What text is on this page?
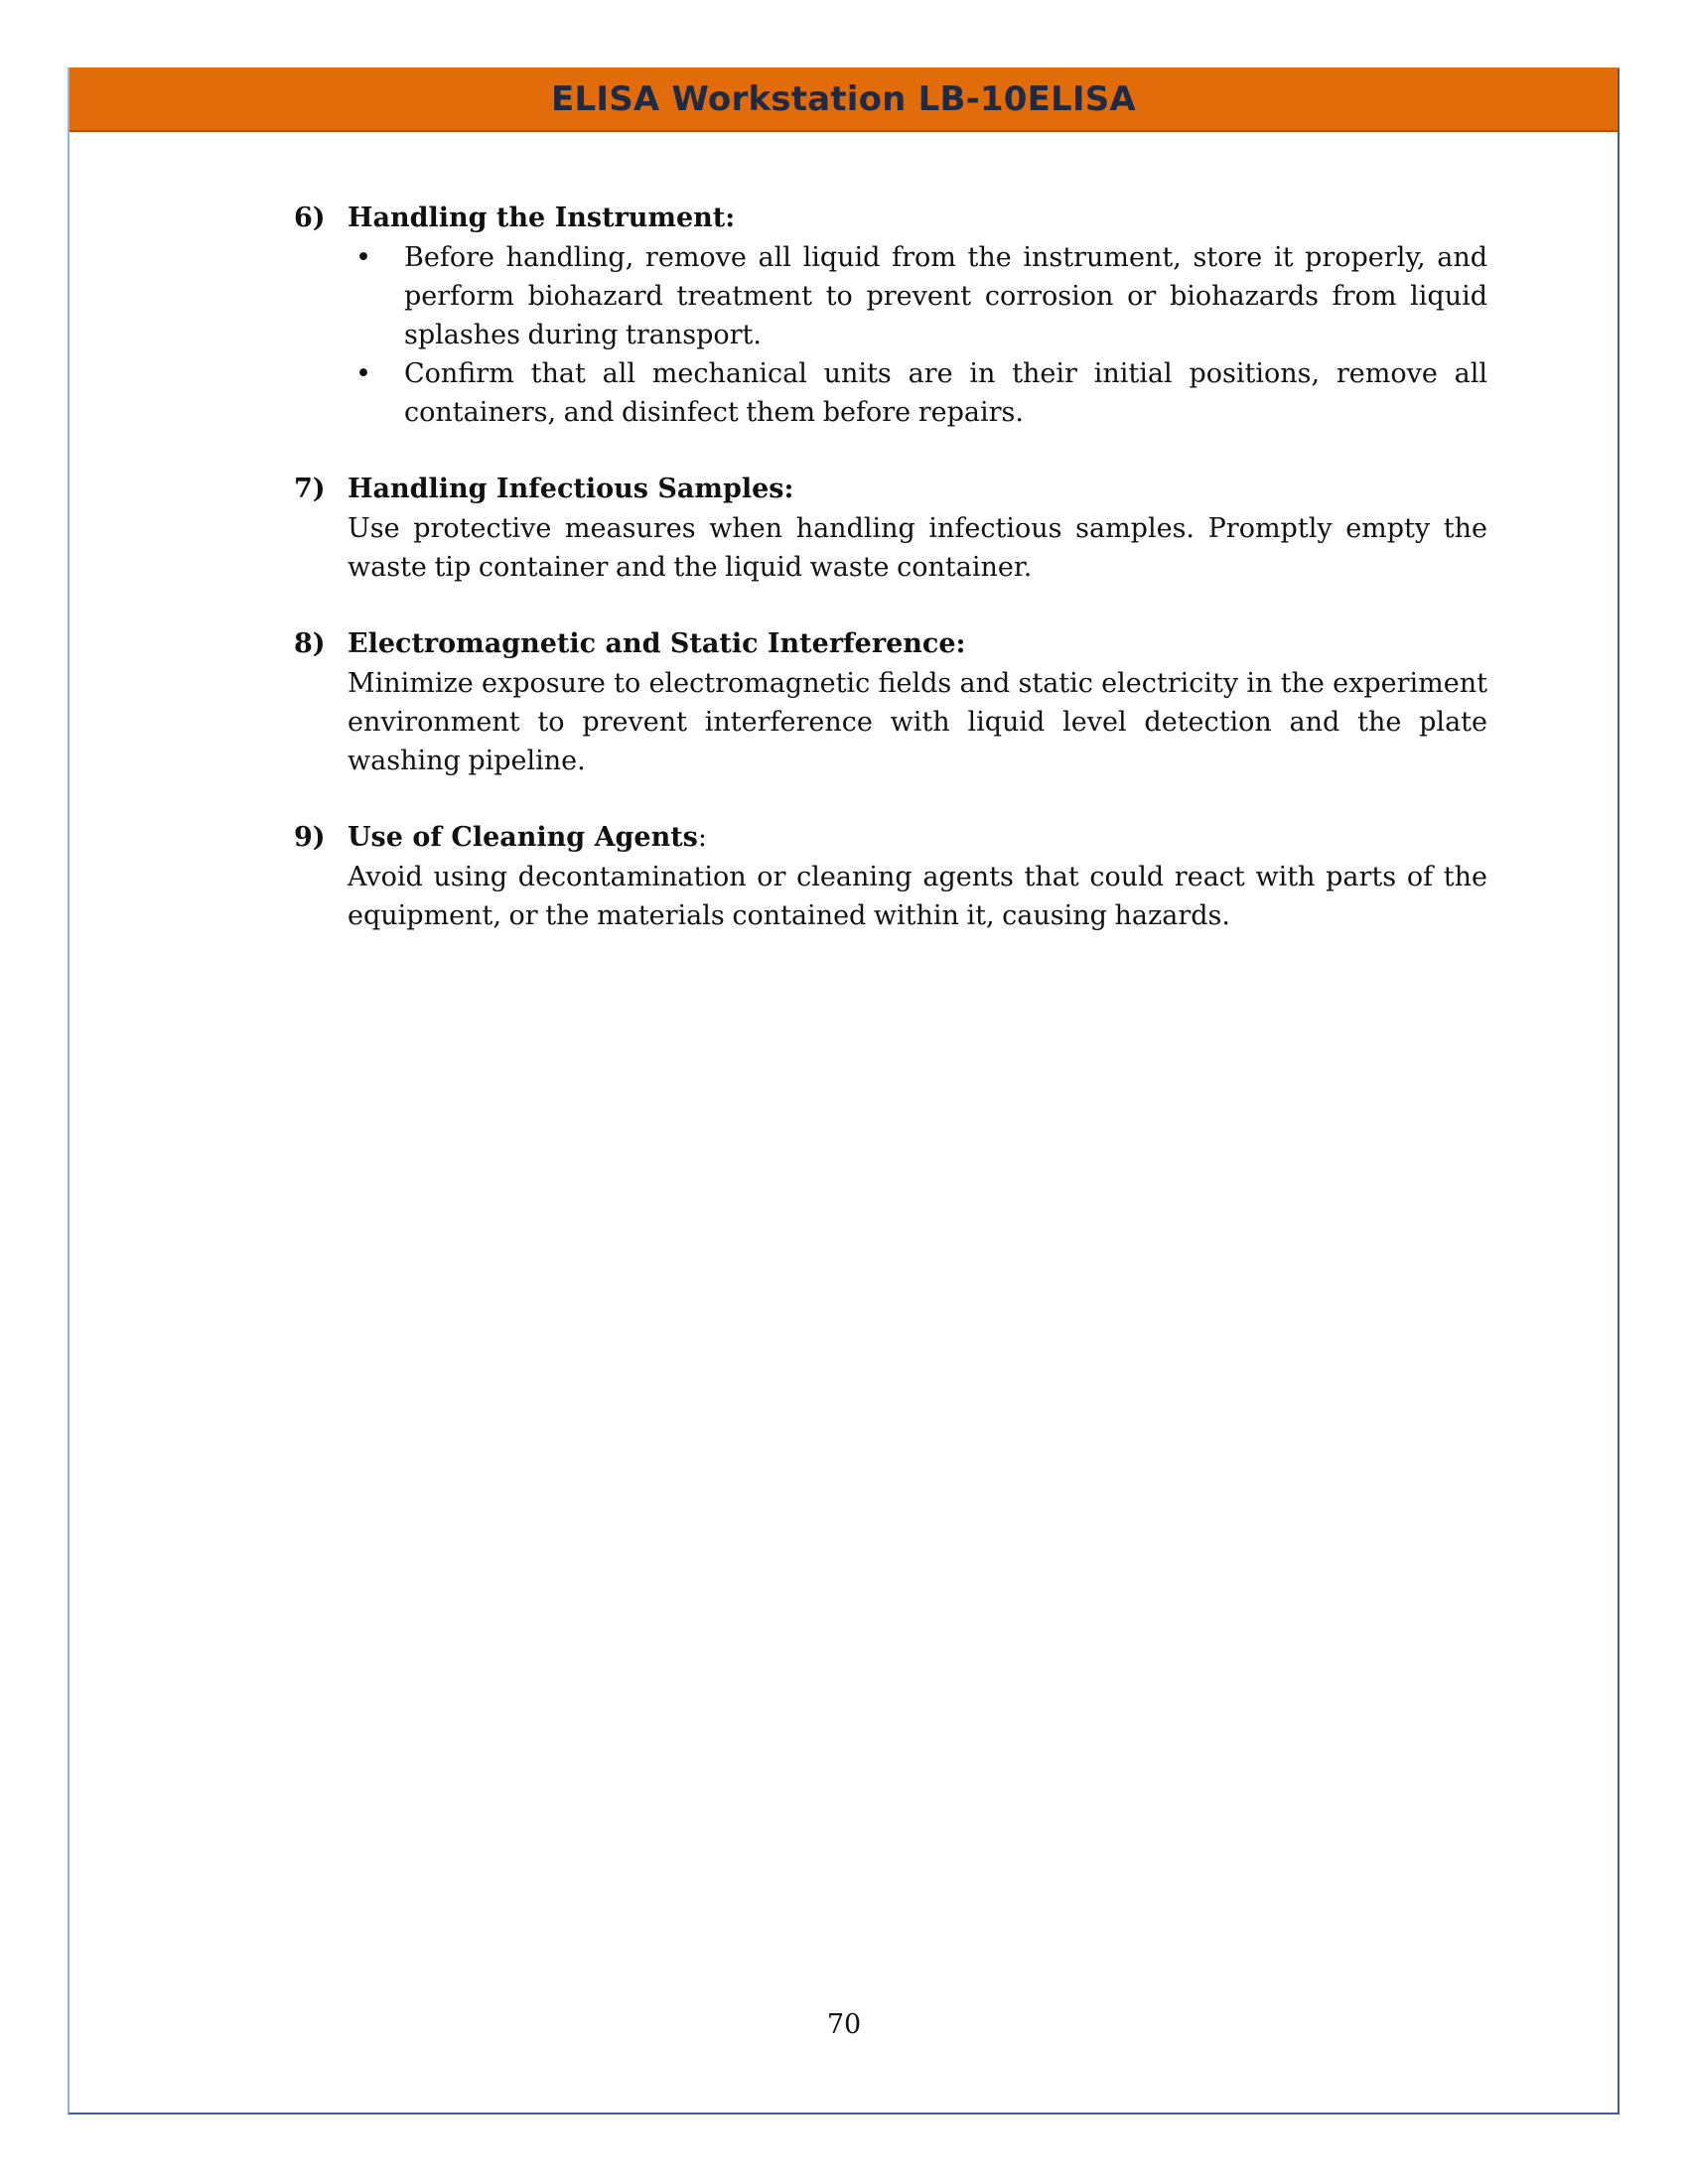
ELISA Workstation LB-10ELISA
6) Handling the Instrument:
• Before handling, remove all liquid from the instrument, store it properly, and perform biohazard treatment to prevent corrosion or biohazards from liquid splashes during transport.
• Confirm that all mechanical units are in their initial positions, remove all containers, and disinfect them before repairs.
7) Handling Infectious Samples:
Use protective measures when handling infectious samples. Promptly empty the waste tip container and the liquid waste container.
8) Electromagnetic and Static Interference:
Minimize exposure to electromagnetic fields and static electricity in the experiment environment to prevent interference with liquid level detection and the plate washing pipeline.
9) Use of Cleaning Agents:
Avoid using decontamination or cleaning agents that could react with parts of the equipment, or the materials contained within it, causing hazards.
70
